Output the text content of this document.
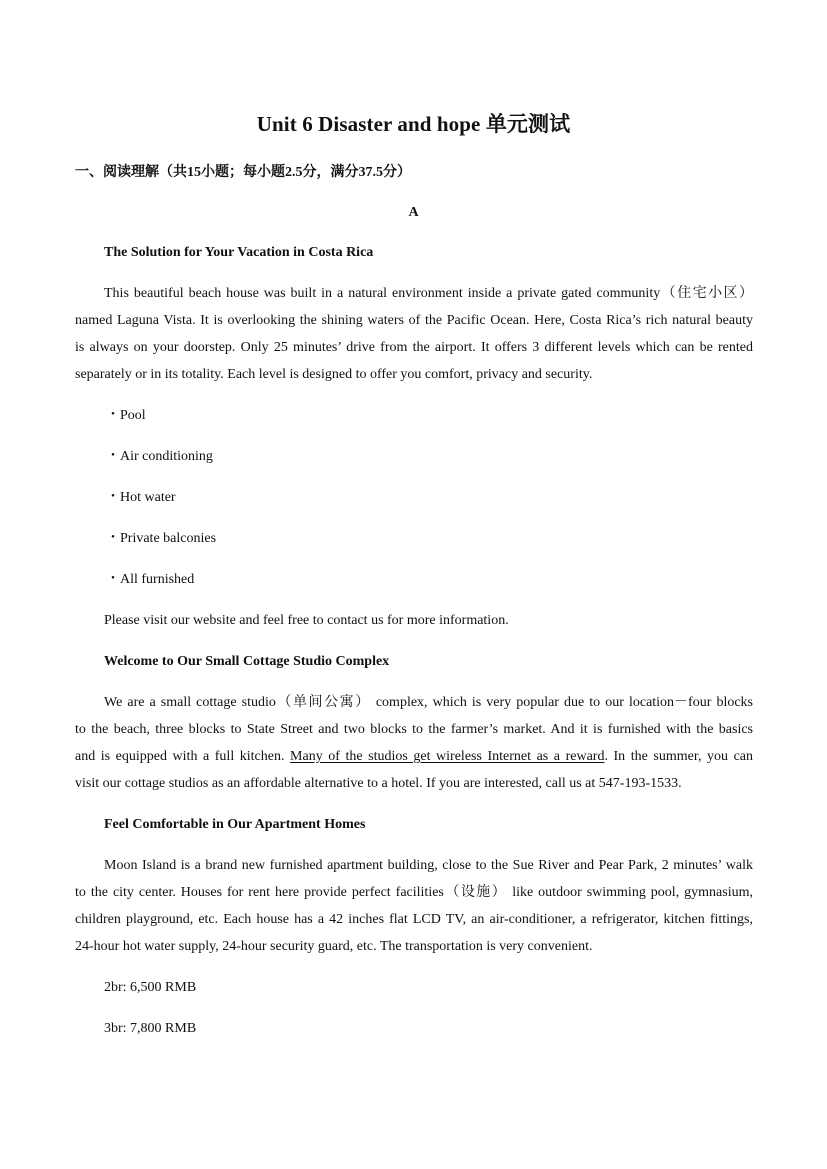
Unit 6 Disaster and hope 单元测试
一、阅读理解（共15小题；每小题2.5分，满分37.5分）
A
The Solution for Your Vacation in Costa Rica
This beautiful beach house was built in a natural environment inside a private gated community（住宅小区）
named Laguna Vista. It is overlooking the shining waters of the Pacific Ocean. Here, Costa Rica’s rich natural beauty
is always on your doorstep. Only 25 minutes’ drive from the airport. It offers 3 different levels which can be rented
separately or in its totality. Each level is designed to offer you comfort, privacy and security.
・Pool
・Air conditioning
・Hot water
・Private balconies
・All furnished
Please visit our website and feel free to contact us for more information.
Welcome to Our Small Cottage Studio Complex
We are a small cottage studio（单间公寓） complex, which is very popular due to our location－four blocks
to the beach, three blocks to State Street and two blocks to the farmer’s market. And it is furnished with the basics
and is equipped with a full kitchen. Many of the studios get wireless Internet as a reward. In the summer, you can
visit our cottage studios as an affordable alternative to a hotel. If you are interested, call us at 547-193-1533.
Feel Comfortable in Our Apartment Homes
Moon Island is a brand new furnished apartment building, close to the Sue River and Pear Park, 2 minutes’ walk
to the city center. Houses for rent here provide perfect facilities（设施） like outdoor swimming pool, gymnasium,
children playground, etc. Each house has a 42 inches flat LCD TV, an air-conditioner, a refrigerator, kitchen fittings,
24-hour hot water supply, 24-hour security guard, etc. The transportation is very convenient.
2br: 6,500 RMB
3br: 7,800 RMB
